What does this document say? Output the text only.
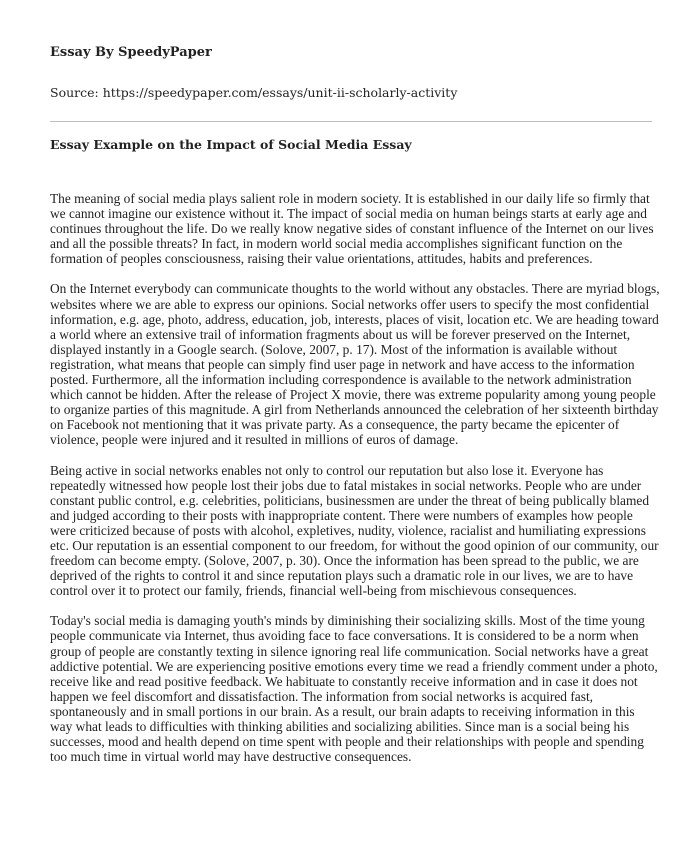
Essay By SpeedyPaper
Source: https://speedypaper.com/essays/unit-ii-scholarly-activity
Essay Example on the Impact of Social Media Essay

The meaning of social media plays salient role in modern society. It is established in our daily life so firmly that we cannot imagine our existence without it. The impact of social media on human beings starts at early age and continues throughout the life. Do we really know negative sides of constant influence of the Internet on our lives and all the possible threats? In fact, in modern world social media accomplishes significant function on the formation of peoples consciousness, raising their value orientations, attitudes, habits and preferences.

On the Internet everybody can communicate thoughts to the world without any obstacles. There are myriad blogs, websites where we are able to express our opinions. Social networks offer users to specify the most confidential information, e.g. age, photo, address, education, job, interests, places of visit, location etc. We are heading toward a world where an extensive trail of information fragments about us will be forever preserved on the Internet, displayed instantly in a Google search. (Solove, 2007, p. 17). Most of the information is available without registration, what means that people can simply find user page in network and have access to the information posted. Furthermore, all the information including correspondence is available to the network administration which cannot be hidden. After the release of Project X movie, there was extreme popularity among young people to organize parties of this magnitude. A girl from Netherlands announced the celebration of her sixteenth birthday on Facebook not mentioning that it was private party. As a consequence, the party became the epicenter of violence, people were injured and it resulted in millions of euros of damage.

Being active in social networks enables not only to control our reputation but also lose it. Everyone has repeatedly witnessed how people lost their jobs due to fatal mistakes in social networks. People who are under constant public control, e.g. celebrities, politicians, businessmen are under the threat of being publically blamed and judged according to their posts with inappropriate content. There were numbers of examples how people were criticized because of posts with alcohol, expletives, nudity, violence, racialist and humiliating expressions etc. Our reputation is an essential component to our freedom, for without the good opinion of our community, our freedom can become empty. (Solove, 2007, p. 30). Once the information has been spread to the public, we are deprived of the rights to control it and since reputation plays such a dramatic role in our lives, we are to have control over it to protect our family, friends, financial well-being from mischievous consequences.

Today's social media is damaging youth's minds by diminishing their socializing skills. Most of the time young people communicate via Internet, thus avoiding face to face conversations. It is considered to be a norm when group of people are constantly texting in silence ignoring real life communication. Social networks have a great addictive potential. We are experiencing positive emotions every time we read a friendly comment under a photo, receive like and read positive feedback. We habituate to constantly receive information and in case it does not happen we feel discomfort and dissatisfaction. The information from social networks is acquired fast, spontaneously and in small portions in our brain. As a result, our brain adapts to receiving information in this way what leads to difficulties with thinking abilities and socializing abilities. Since man is a social being his successes, mood and health depend on time spent with people and their relationships with people and spending too much time in virtual world may have destructive consequences.
